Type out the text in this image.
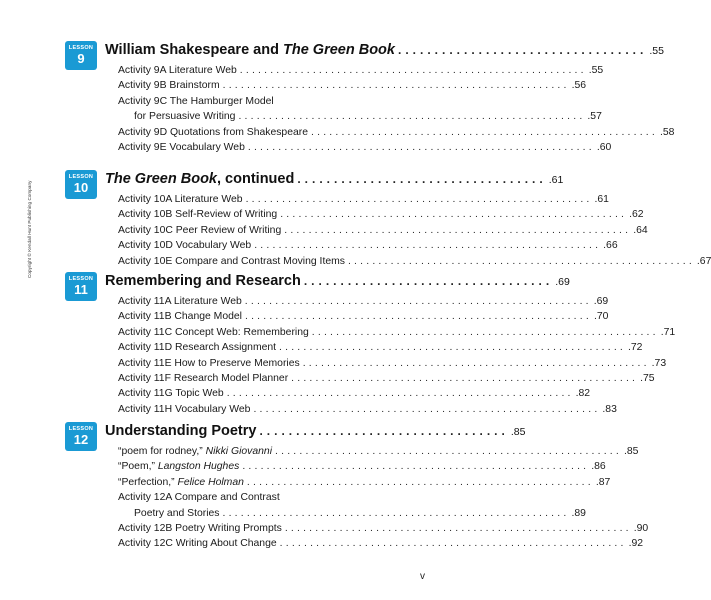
Copyright © Kendall Hunt Publishing Company
LESSON
9
William Shakespeare and The Green Book .................................. .55
Activity 9A Literature Web ......................................................... .55
Activity 9B Brainstorm ......................................................... .56
Activity 9C The Hamburger Model
for Persuasive Writing ......................................................... .57
Activity 9D Quotations from Shakespeare ......................................................... .58
Activity 9E Vocabulary Web ......................................................... .60
LESSON
10
The Green Book, continued .................................. .61
Activity 10A Literature Web ......................................................... .61
Activity 10B Self-Review of Writing ......................................................... .62
Activity 10C Peer Review of Writing ......................................................... .64
Activity 10D Vocabulary Web ......................................................... .66
Activity 10E Compare and Contrast Moving Items ......................................................... .67
LESSON
11
Remembering and Research .................................. .69
Activity 11A Literature Web ......................................................... .69
Activity 11B Change Model ......................................................... .70
Activity 11C Concept Web: Remembering ......................................................... .71
Activity 11D Research Assignment ......................................................... .72
Activity 11E How to Preserve Memories ......................................................... .73
Activity 11F Research Model Planner ......................................................... .75
Activity 11G Topic Web ......................................................... .82
Activity 11H Vocabulary Web ......................................................... .83
LESSON
12
Understanding Poetry .................................. .85
“poem for rodney,” Nikki Giovanni ......................................................... .85
“Poem,” Langston Hughes ......................................................... .86
“Perfection,” Felice Holman ......................................................... .87
Activity 12A Compare and Contrast
Poetry and Stories ......................................................... .89
Activity 12B Poetry Writing Prompts ......................................................... .90
Activity 12C Writing About Change ......................................................... .92
v
